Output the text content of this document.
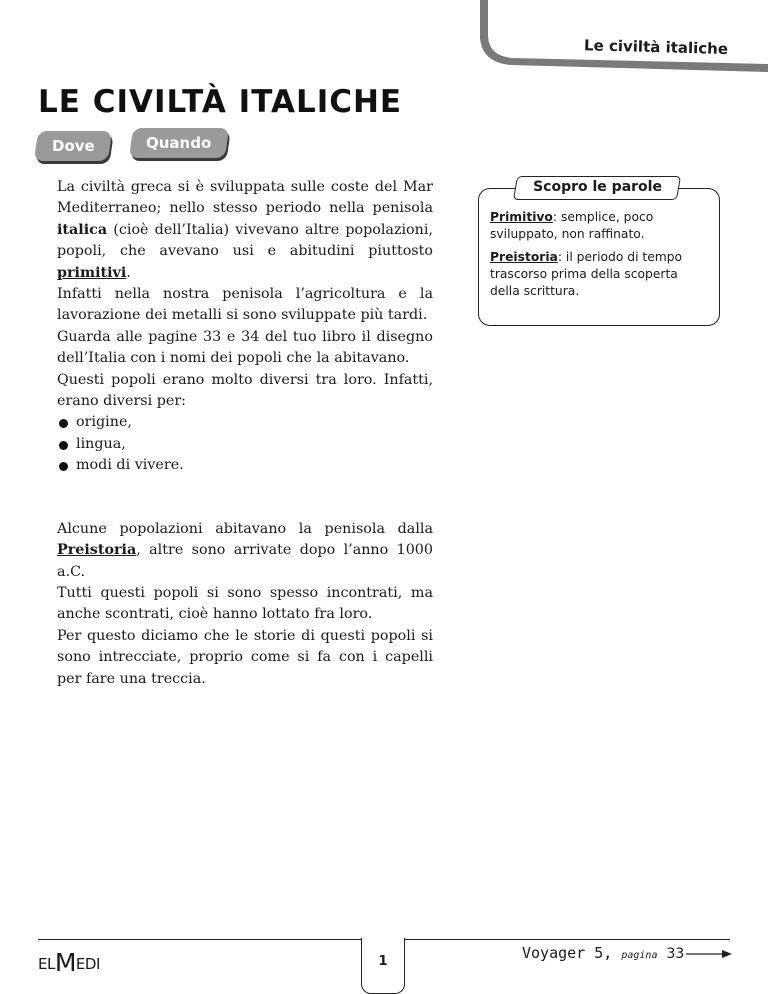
Le civiltà italiche
LE CIVILTÀ ITALICHE
Dove	Quando

La civiltà greca si è sviluppata sulle coste del Mar Mediterraneo; nello stesso periodo nella penisola italica (cioè dell’Italia) vivevano altre popolazioni, popoli, che avevano usi e abitudini piuttosto primitivi.

Infatti nella nostra penisola l’agricoltura e la lavorazione dei metalli si sono sviluppate più tardi.

Guarda alle pagine 33 e 34 del tuo libro il disegno dell’Italia con i nomi dei popoli che la abitavano.

Questi popoli erano molto diversi tra loro. Infatti, erano diversi per:

origine,
lingua,
modi di vivere.

Alcune popolazioni abitavano la penisola dalla Preistoria, altre sono arrivate dopo l’anno 1000 a.C.

Tutti questi popoli si sono spesso incontrati, ma anche scontrati, cioè hanno lottato fra loro.

Per questo diciamo che le storie di questi popoli si sono intrecciate, proprio come si fa con i capelli per fare una treccia.

Scopro le parole

Primitivo: semplice, poco sviluppato, non raffinato.

Preistoria: il periodo di tempo trascorso prima della scoperta della scrittura.

ELMEDI	1	Voyager 5, pagina 33
